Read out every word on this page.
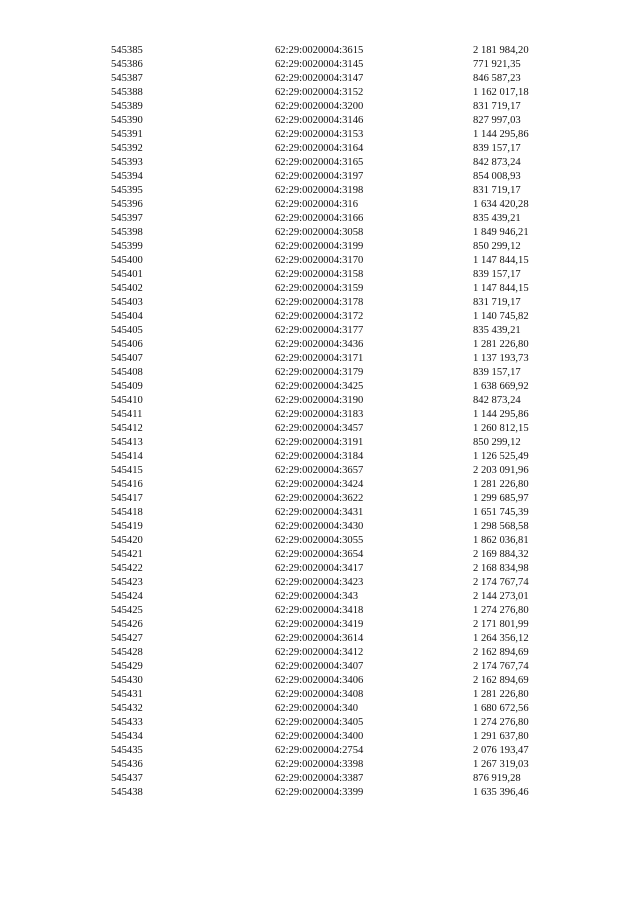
545385	62:29:0020004:3615	2 181 984,20
545386	62:29:0020004:3145	771 921,35
545387	62:29:0020004:3147	846 587,23
545388	62:29:0020004:3152	1 162 017,18
545389	62:29:0020004:3200	831 719,17
545390	62:29:0020004:3146	827 997,03
545391	62:29:0020004:3153	1 144 295,86
545392	62:29:0020004:3164	839 157,17
545393	62:29:0020004:3165	842 873,24
545394	62:29:0020004:3197	854 008,93
545395	62:29:0020004:3198	831 719,17
545396	62:29:0020004:316	1 634 420,28
545397	62:29:0020004:3166	835 439,21
545398	62:29:0020004:3058	1 849 946,21
545399	62:29:0020004:3199	850 299,12
545400	62:29:0020004:3170	1 147 844,15
545401	62:29:0020004:3158	839 157,17
545402	62:29:0020004:3159	1 147 844,15
545403	62:29:0020004:3178	831 719,17
545404	62:29:0020004:3172	1 140 745,82
545405	62:29:0020004:3177	835 439,21
545406	62:29:0020004:3436	1 281 226,80
545407	62:29:0020004:3171	1 137 193,73
545408	62:29:0020004:3179	839 157,17
545409	62:29:0020004:3425	1 638 669,92
545410	62:29:0020004:3190	842 873,24
545411	62:29:0020004:3183	1 144 295,86
545412	62:29:0020004:3457	1 260 812,15
545413	62:29:0020004:3191	850 299,12
545414	62:29:0020004:3184	1 126 525,49
545415	62:29:0020004:3657	2 203 091,96
545416	62:29:0020004:3424	1 281 226,80
545417	62:29:0020004:3622	1 299 685,97
545418	62:29:0020004:3431	1 651 745,39
545419	62:29:0020004:3430	1 298 568,58
545420	62:29:0020004:3055	1 862 036,81
545421	62:29:0020004:3654	2 169 884,32
545422	62:29:0020004:3417	2 168 834,98
545423	62:29:0020004:3423	2 174 767,74
545424	62:29:0020004:343	2 144 273,01
545425	62:29:0020004:3418	1 274 276,80
545426	62:29:0020004:3419	2 171 801,99
545427	62:29:0020004:3614	1 264 356,12
545428	62:29:0020004:3412	2 162 894,69
545429	62:29:0020004:3407	2 174 767,74
545430	62:29:0020004:3406	2 162 894,69
545431	62:29:0020004:3408	1 281 226,80
545432	62:29:0020004:340	1 680 672,56
545433	62:29:0020004:3405	1 274 276,80
545434	62:29:0020004:3400	1 291 637,80
545435	62:29:0020004:2754	2 076 193,47
545436	62:29:0020004:3398	1 267 319,03
545437	62:29:0020004:3387	876 919,28
545438	62:29:0020004:3399	1 635 396,46
